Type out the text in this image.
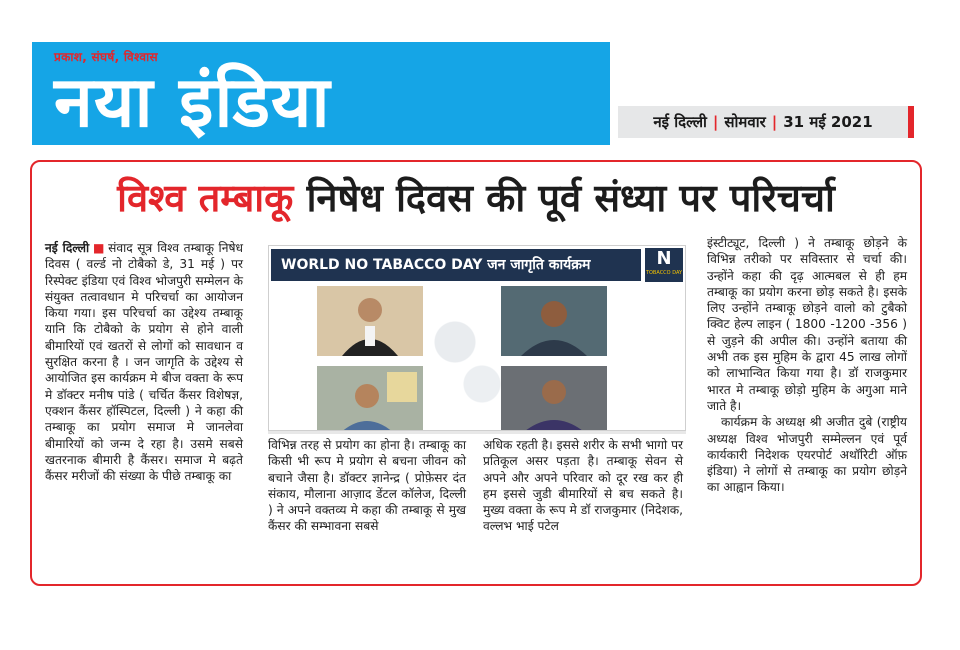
प्रकाश, संघर्ष, विश्वास
नया इंडिया	नई दिल्ली | सोमवार | 31 मई 2021
विश्व तम्बाकू निषेध दिवस की पूर्व संध्या पर परिचर्चा

नई दिल्ली ■ संवाद सूत्र विश्व तम्बाकू निषेध दिवस ( वर्ल्ड नो टोबैको डे, 31 मई ) पर रिस्पेक्ट इंडिया एवं विश्व भोजपुरी सम्मेलन के संयुक्त तत्वावधान मे परिचर्चा का आयोजन किया गया। इस परिचर्चा का उद्देश्य तम्बाकू यानि कि टोबैको के प्रयोग से होने वाली बीमारियों एवं खतरों से लोगों को सावधान व सुरक्षित करना है । जन जागृति के उद्देश्य से आयोजित इस कार्यक्रम मे बीज वक्ता के रूप मे डॉक्टर मनीष पांडे ( चर्चित कैंसर विशेषज्ञ, एक्शन कैंसर हॉस्पिटल, दिल्ली ) ने कहा की तम्बाकू का प्रयोग समाज मे जानलेवा बीमारियों को जन्म दे रहा है। उसमे सबसे खतरनाक बीमारी है कैंसर। समाज मे बढ़ते कैंसर मरीजों की संख्या के पीछे तम्बाकू का

WORLD NO TABACCO DAY जन जागृति कार्यक्रम	N
TOBACCO DAY

विभिन्न तरह से प्रयोग का होना है। तम्बाकू का किसी भी रूप मे प्रयोग से बचना जीवन को बचाने जैसा है। डॉक्टर ज्ञानेन्द्र ( प्रोफ़ेसर दंत संकाय, मौलाना आज़ाद डेंटल कॉलेज, दिल्ली ) ने अपने वक्तव्य मे कहा की तम्बाकू से मुख कैंसर की सम्भावना सबसे

अधिक रहती है। इससे शरीर के सभी भागो पर प्रतिकूल असर पड़ता है। तम्बाकू सेवन से अपने और अपने परिवार को दूर रख कर ही हम इससे जुडी बीमारियों से बच सकते है। मुख्य वक्ता के रूप मे डॉ राजकुमार (निदेशक, वल्लभ भाई पटेल

इंस्टीट्यूट, दिल्ली ) ने तम्बाकू छोड़ने के विभिन्न तरीको पर सविस्तार से चर्चा की। उन्होंने कहा की दृढ़ आत्मबल से ही हम तम्बाकू का प्रयोग करना छोड़ सकते है। इसके लिए उन्होंने तम्बाकू छोड़ने वालो को टुबैको क्विट हेल्प लाइन ( 1800 -1200 -356 ) से जुड़ने की अपील की। उन्होंने बताया की अभी तक इस मुहिम के द्वारा 45 लाख लोगों को लाभान्वित किया गया है। डॉ राजकुमार भारत मे तम्बाकू छोड़ो मुहिम के अगुआ माने जाते है।

कार्यक्रम के अध्यक्ष श्री अजीत दुबे (राष्ट्रीय अध्यक्ष विश्व भोजपुरी सम्मेल्लन एवं पूर्व कार्यकारी निदेशक एयरपोर्ट अथॉरिटी ऑफ़ इंडिया) ने लोगों से तम्बाकू का प्रयोग छोड़ने का आह्वान किया।
